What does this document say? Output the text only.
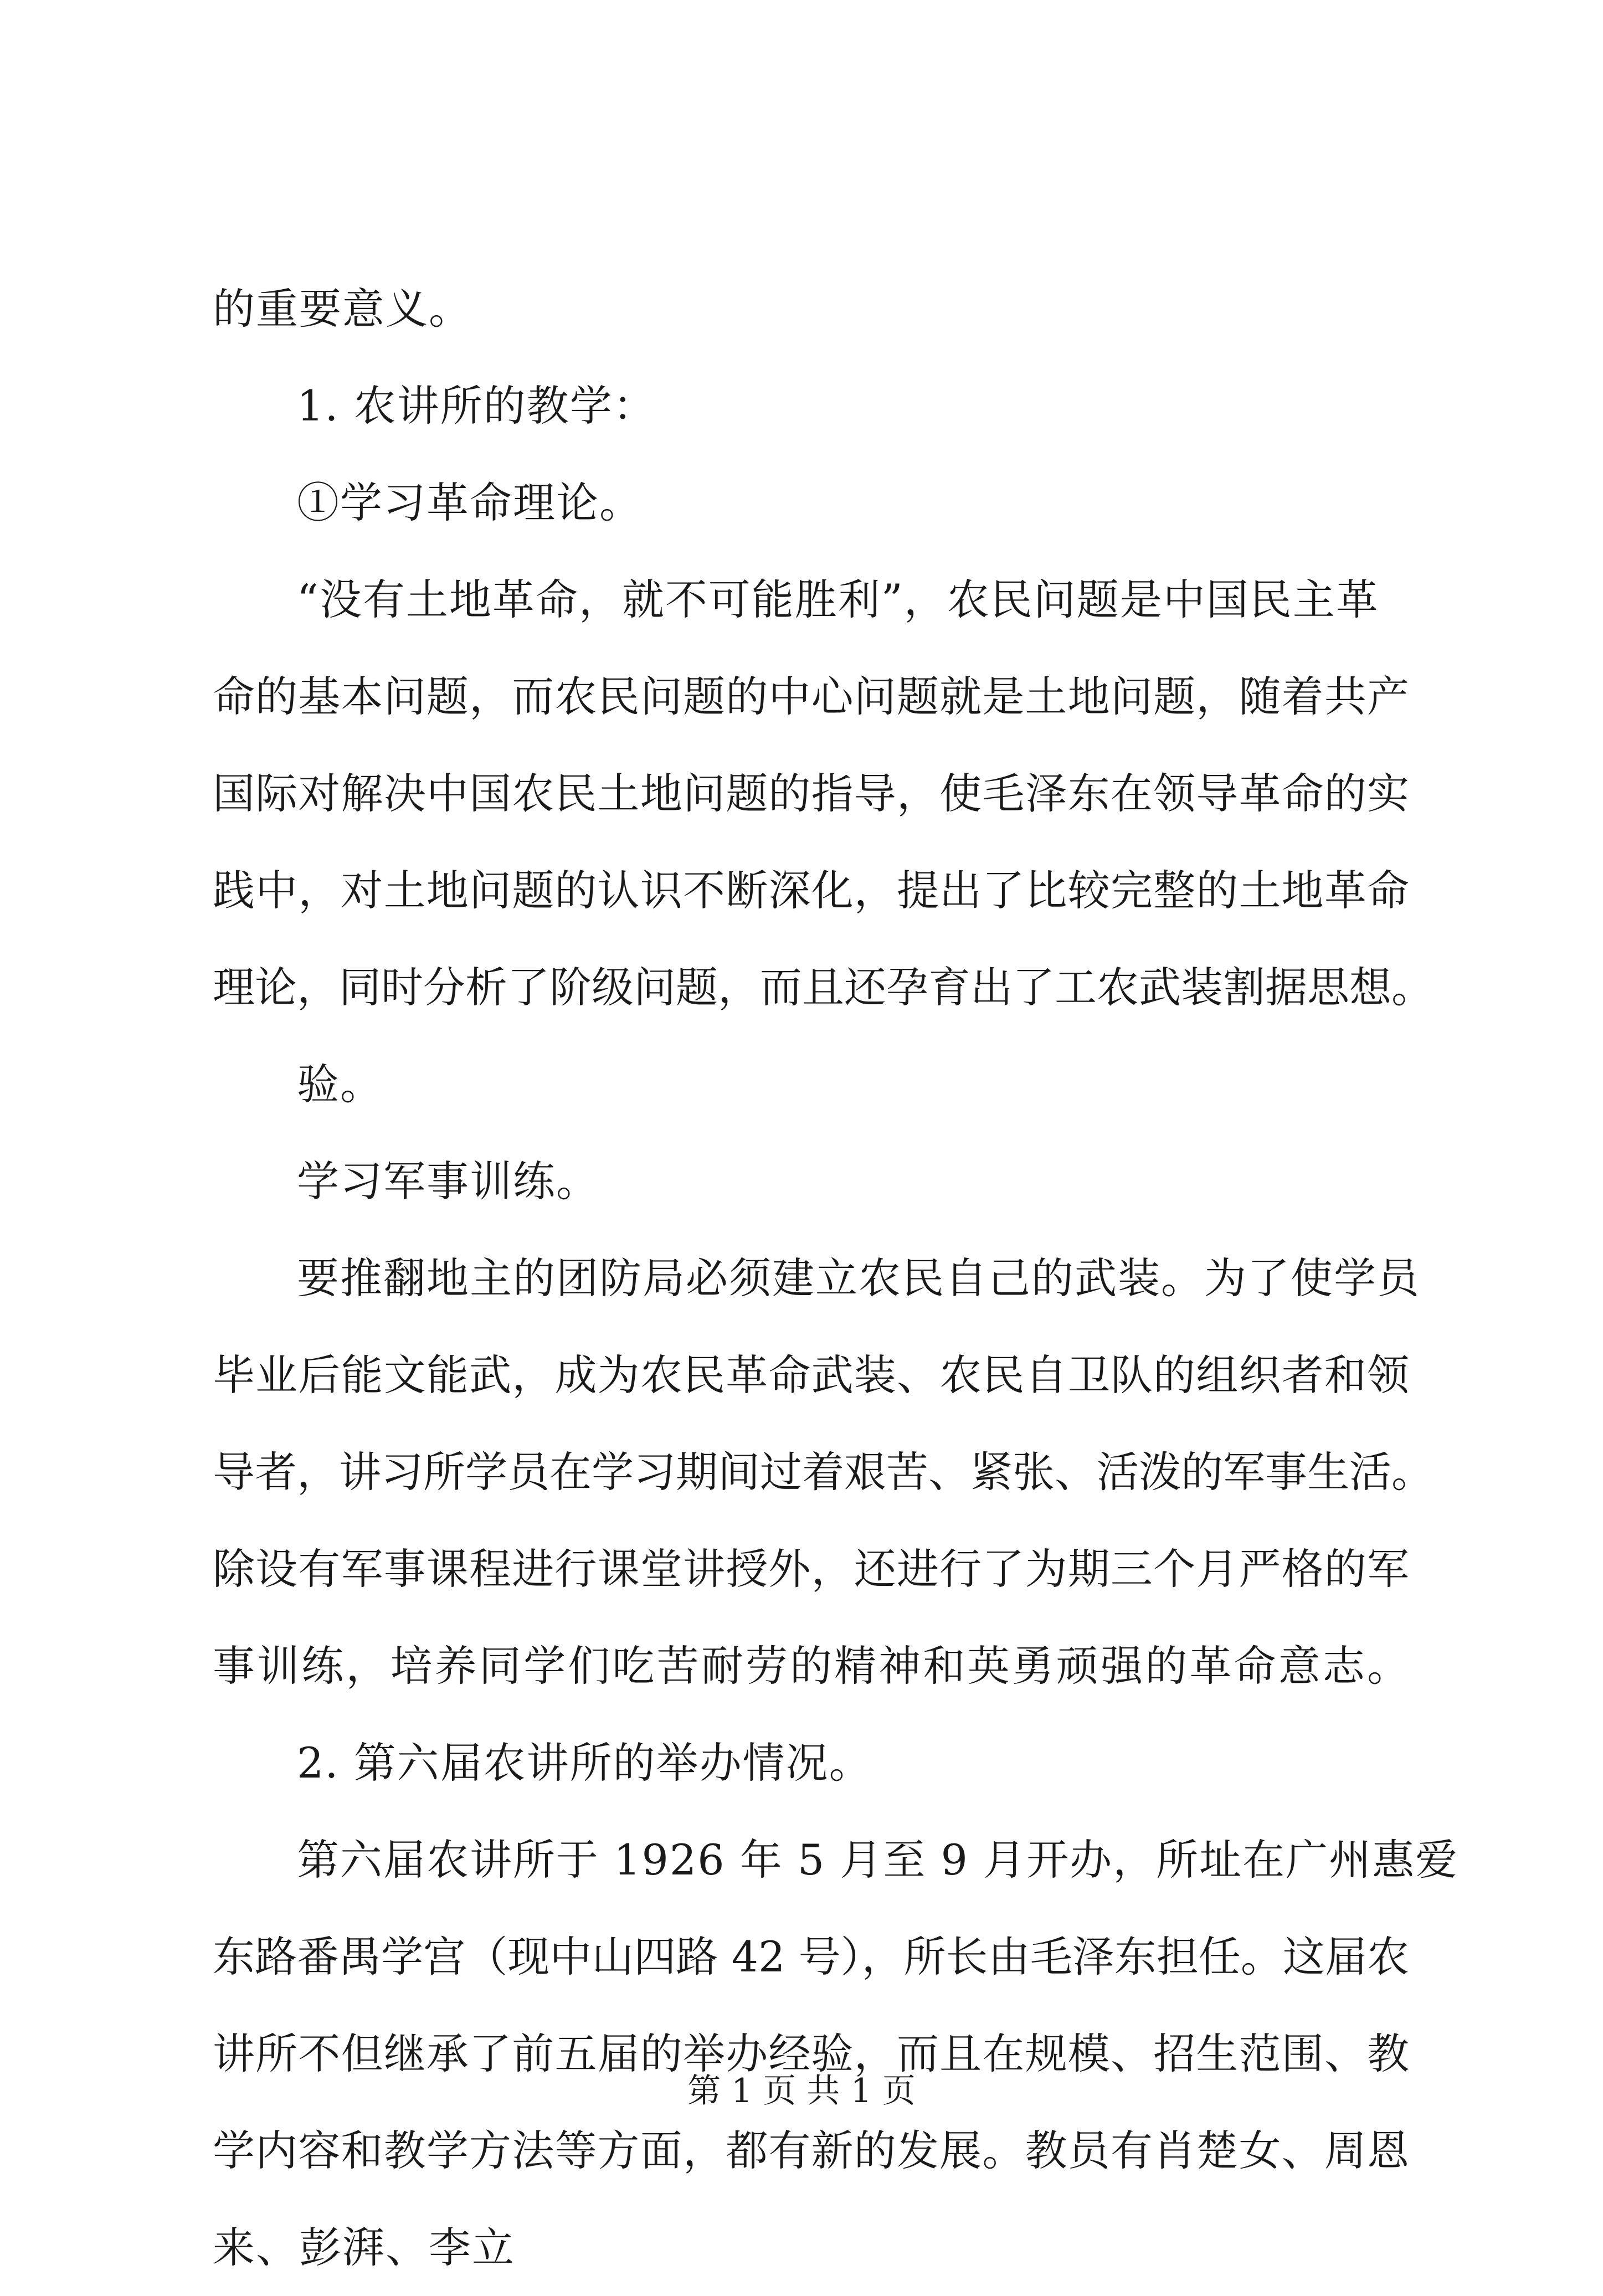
的重要意义。
1. 农讲所的教学：
①学习革命理论。
“没有土地革命，就不可能胜利”，农民问题是中国民主革
命的基本问题，而农民问题的中心问题就是土地问题，随着共产
国际对解决中国农民土地问题的指导，使毛泽东在领导革命的实
践中，对土地问题的认识不断深化，提出了比较完整的土地革命
理论，同时分析了阶级问题，而且还孕育出了工农武装割据思想。
验。
学习军事训练。
要推翻地主的团防局必须建立农民自己的武装。为了使学员
毕业后能文能武，成为农民革命武装、农民自卫队的组织者和领
导者，讲习所学员在学习期间过着艰苦、紧张、活泼的军事生活。
除设有军事课程进行课堂讲授外，还进行了为期三个月严格的军
事训练，培养同学们吃苦耐劳的精神和英勇顽强的革命意志。
2. 第六届农讲所的举办情况。
第六届农讲所于 1926 年 5 月至 9 月开办，所址在广州惠爱
东路番禺学宫（现中山四路 42 号），所长由毛泽东担任。这届农
讲所不但继承了前五届的举办经验，而且在规模、招生范围、教
学内容和教学方法等方面，都有新的发展。教员有肖楚女、周恩
来、彭湃、李立
第 1 页 共 1 页
